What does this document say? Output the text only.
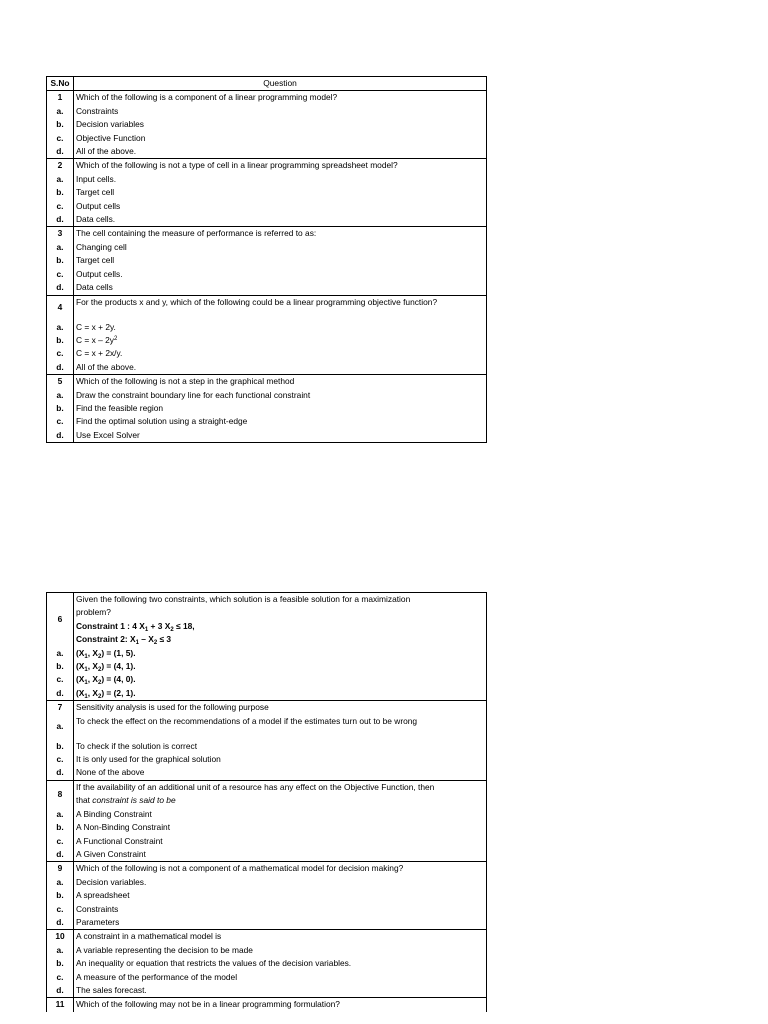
S.No	Question
1	Which of the following is a component of a linear programming model?
a.	Constraints
b.	Decision variables
c.	Objective Function
d.	All of the above.
2	Which of the following is not a type of cell in a linear programming spreadsheet model?
a.	Input cells.
b.	Target cell
c.	Output cells
d.	Data cells.
3	The cell containing the measure of performance is referred to as:
a.	Changing cell
b.	Target cell
c.	Output cells.
d.	Data cells
4	For the products x and y, which of the following could be a linear programming objective function?
a.	C = x + 2y.
b.	$C = x - 2y^2$
c.	C = x + 2x/y.
d.	All of the above.
5	Which of the following is not a step in the graphical method
a.	Draw the constraint boundary line for each functional constraint
b.	Find the feasible region
c.	Find the optimal solution using a straight-edge
d.	Use Excel Solver
6	Given the following two constraints, which solution is a feasible solution for a maximization
	problem?
	Constraint 1 : 4 $X_1 + 3$ $X_2 \le 18$,
	Constraint 2: $X_1 - X_2 \le 3$
a.	($X_1$, $X_2) = (1$, 5).
b.	($X_1$, $X_2) = (4$, 1).
c.	($X_1$, $X_2) = (4$, 0).
d.	($X_1$, $X_2) = (2$, 1).
7	Sensitivity analysis is used for the following purpose
a.	To check the effect on the recommendations of a model if the estimates turn out to be wrong
b.	To check if the solution is correct
c.	It is only used for the graphical solution
d.	None of the above
8	If the availability of an additional unit of a resource has any effect on the Objective Function, then
	that constraint is said to be
a.	A Binding Constraint
b.	A Non-Binding Constraint
c.	A Functional Constraint
d.	A Given Constraint
9	Which of the following is not a component of a mathematical model for decision making?
a.	Decision variables.
b.	A spreadsheet
c.	Constraints
d.	Parameters
10	A constraint in a mathematical model is
a.	A variable representing the decision to be made
b.	An inequality or equation that restricts the values of the decision variables.
c.	A measure of the performance of the model
d.	The sales forecast.
11	Which of the following may not be in a linear programming formulation?
